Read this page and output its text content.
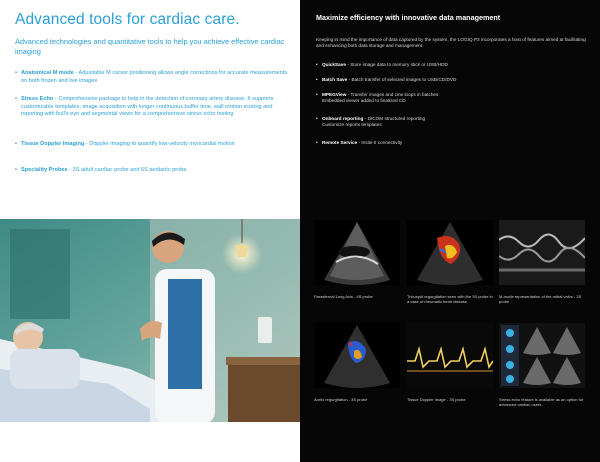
Advanced tools for cardiac care.
Advanced technologies and quantitative tools to help you achieve effective cardiac imaging
• Anatomical M mode - Adjustable M cursor positioning allows angle corrections for accurate measurements on both frozen and live images
• Stress Echo - Comprehensive package to help in the detection of coronary artery disease. It supports customizable templates, image acquisition with longer continuous buffer time, wall motion scoring and reporting with bull's eye and segmental views for a comprehensive stress echo testing
• Tissue Doppler Imaging - Doppler imaging to quantify low-velocity myocardial motion
• Speciality Probes - 3S adult cardiac probe and 6S pediatric probe
Maximize efficiency with innovative data management
Keeping in mind the importance of data captured by the system, the LOGIQ P3 incorporates a host of features aimed at facilitating and enhancing both data storage and management.
• QuickSave - Store image data to memory stick or USB/HDD
• Batch Save - Batch transfer of selected images to USB/CD/DVD
• MPEGView - Transfer images and cine loops in batches
Embedded viewer added to finalized CD
• Onboard reporting - DICOM structured reporting
Customize reports templates
• Remote Service - Insite II connectivity
Parasternal Long Axis - 6S probe	Tricuspid regurgitation seen with the 3S probe in a case of rheumatic heart disease
M-mode representation of the mitral valve - 3S probe
Aortic regurgitation - 3S probe	Tissue Doppler image - 3S probe	Stress echo feature is available as an option for advanced cardiac users
